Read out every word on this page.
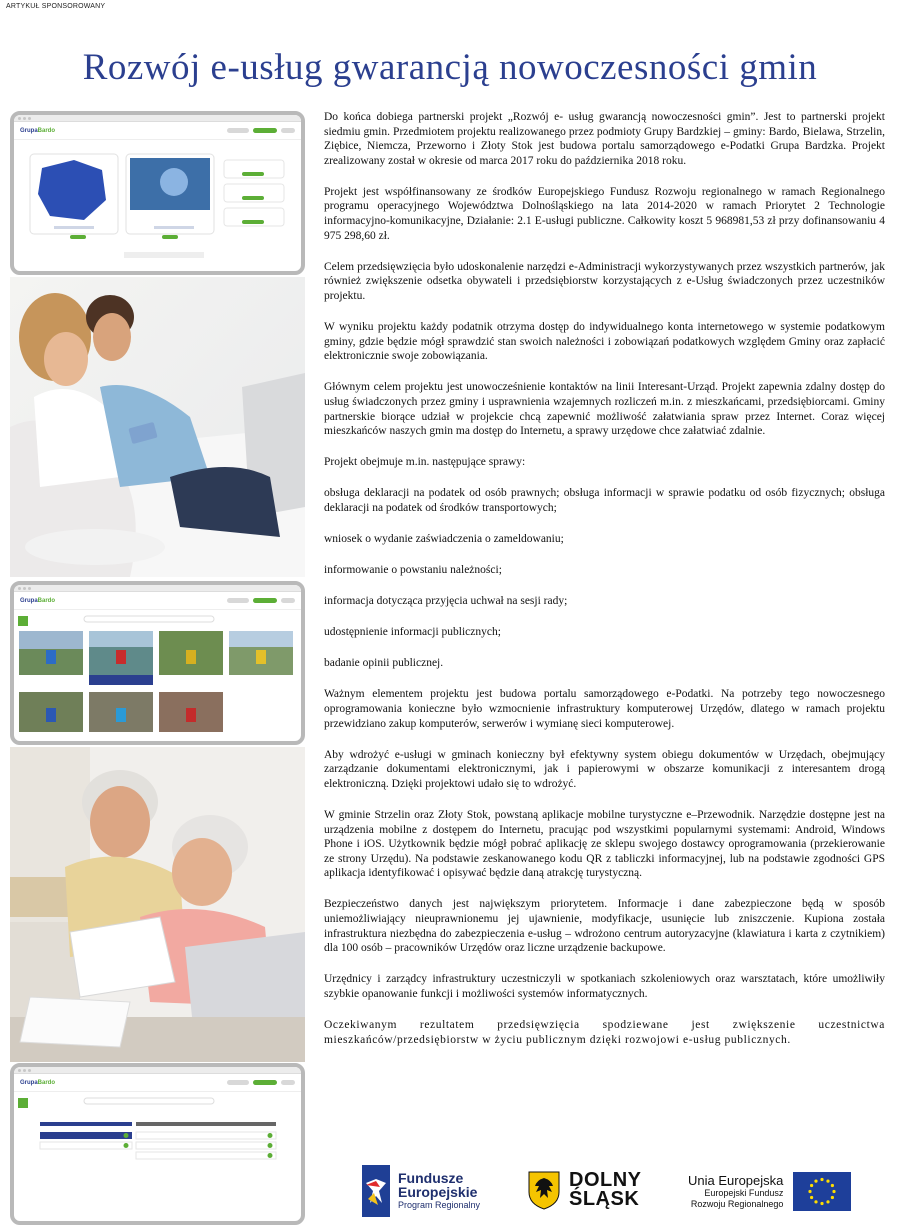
ARTYKUŁ SPONSOROWANY
Rozwój e-usług gwarancją nowoczesności gmin
GrupaBardo

GrupaBardo

GrupaBardo

Do końca dobiega partnerski projekt „Rozwój e- usług gwarancją nowoczesności gmin”. Jest to partnerski projekt siedmiu gmin. Przedmiotem projektu realizowanego przez podmioty Grupy Bardzkiej – gminy: Bardo, Bielawa, Strzelin, Ziębice, Niemcza, Przeworno i Złoty Stok jest budowa portalu samorządowego e-Podatki Grupa Bardzka. Projekt zrealizowany został w okresie od marca 2017 roku do października 2018 roku.

Projekt jest współfinansowany ze środków Europejskiego Fundusz Rozwoju regionalnego w ramach Regionalnego programu operacyjnego Województwa Dolnośląskiego na lata 2014-2020 w ramach Priorytet 2 Technologie informacyjno-komunikacyjne, Działanie: 2.1 E-usługi publiczne. Całkowity koszt 5 968981,53 zł przy dofinansowaniu 4 975 298,60 zł.

Celem przedsięwzięcia było udoskonalenie narzędzi e-Administracji wykorzystywanych przez wszystkich partnerów, jak również zwiększenie odsetka obywateli i przedsiębiorstw korzystających z e-Usług świadczonych przez uczestników projektu.

W wyniku projektu każdy podatnik otrzyma dostęp do indywidualnego konta internetowego w systemie podatkowym gminy, gdzie będzie mógł sprawdzić stan swoich należności i zobowiązań podatkowych względem Gminy oraz zapłacić elektronicznie swoje zobowiązania.

Głównym celem projektu jest unowocześnienie kontaktów na linii Interesant-Urząd. Projekt zapewnia zdalny dostęp do usług świadczonych przez gminy i usprawnienia wzajemnych rozliczeń m.in. z mieszkańcami, przedsiębiorcami. Gminy partnerskie biorące udział w projekcie chcą zapewnić możliwość załatwiania spraw przez Internet. Coraz więcej mieszkańców naszych gmin ma dostęp do Internetu, a sprawy urzędowe chce załatwiać zdalnie.

Projekt obejmuje m.in. następujące sprawy:

obsługa deklaracji na podatek od osób prawnych; obsługa informacji w sprawie podatku od osób fizycznych; obsługa deklaracji na podatek od środków transportowych;

wniosek o wydanie zaświadczenia o zameldowaniu;

informowanie o powstaniu należności;

informacja dotycząca przyjęcia uchwał na sesji rady;

udostępnienie informacji publicznych;

badanie opinii publicznej.

Ważnym elementem projektu jest budowa portalu samorządowego e-Podatki. Na potrzeby tego nowoczesnego oprogramowania konieczne było wzmocnienie infrastruktury komputerowej Urzędów, dlatego w ramach projektu przewidziano zakup komputerów, serwerów i wymianę sieci komputerowej.

Aby wdrożyć e-usługi w gminach konieczny był efektywny system obiegu dokumentów w Urzędach, obejmujący zarządzanie dokumentami elektronicznymi, jak i papierowymi w obszarze komunikacji z interesantem drogą elektroniczną. Dzięki projektowi udało się to wdrożyć.

W gminie Strzelin oraz Złoty Stok, powstaną aplikacje mobilne turystyczne e–Przewodnik. Narzędzie dostępne jest na urządzenia mobilne z dostępem do Internetu, pracując pod wszystkimi popularnymi systemami: Android, Windows Phone i iOS. Użytkownik będzie mógł pobrać aplikację ze sklepu swojego dostawcy oprogramowania (przekierowanie ze strony Urzędu). Na podstawie zeskanowanego kodu QR z tabliczki informacyjnej, lub na podstawie zgodności GPS aplikacja identyfikować i opisywać będzie daną atrakcję turystyczną.

Bezpieczeństwo danych jest największym priorytetem. Informacje i dane zabezpieczone będą w sposób uniemożliwiający nieuprawnionemu jej ujawnienie, modyfikacje, usunięcie lub zniszczenie. Kupiona została infrastruktura niezbędna do zabezpieczenia e-usług – wdrożono centrum autoryzacyjne (klawiatura i karta z czytnikiem) dla 100 osób – pracowników Urzędów oraz liczne urządzenie backupowe.

Urzędnicy i zarządcy infrastruktury uczestniczyli w spotkaniach szkoleniowych oraz warsztatach, które umożliwiły szybkie opanowanie funkcji i możliwości systemów informatycznych.

Oczekiwanym rezultatem przedsięwzięcia spodziewane jest zwiększenie uczestnictwa mieszkańców/przedsiębiorstw w życiu publicznym dzięki rozwojowi e-usług publicznych.

Fundusze
Europejskie
Program Regionalny
DOLNY
ŚLĄSK
Unia Europejska
Europejski Fundusz
Rozwoju Regionalnego
